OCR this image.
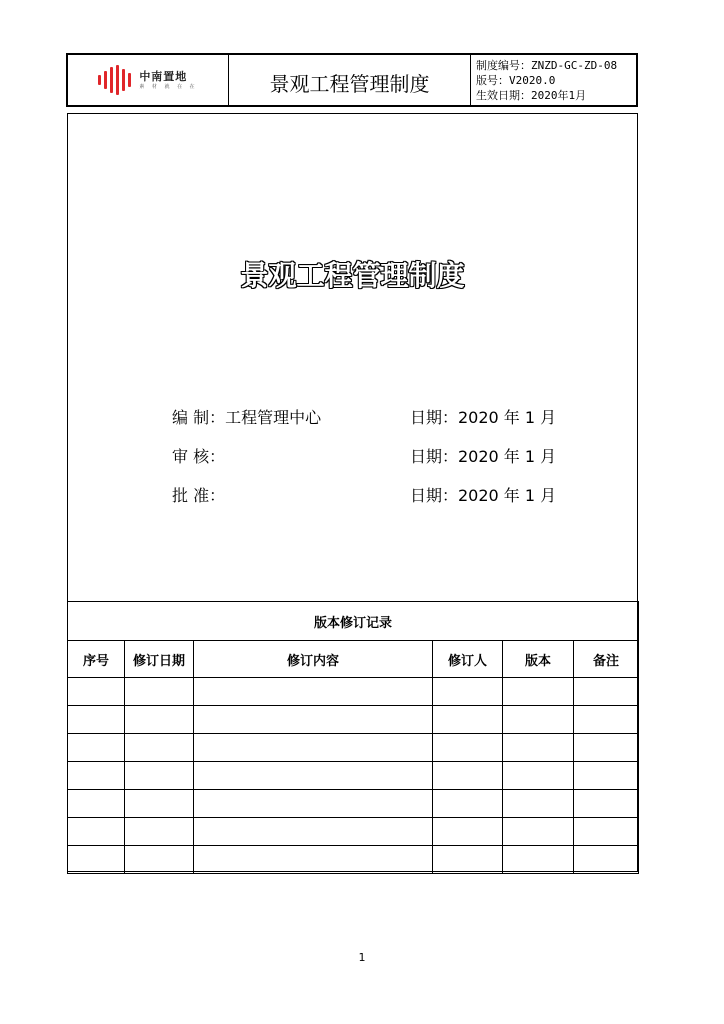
中南置地
素 材 就 在 在	景观工程管理制度
制度编号：ZNZD-GC-ZD-08
版号：V2020.0
生效日期：2020年1月
景观工程管理制度
编 制：工程管理中心	日期：2020 年 1 月
审 核：	日期：2020 年 1 月
批 准：	日期：2020 年 1 月
版本修订记录					
序号	修订日期	修订内容	修订人	版本	备注

1
